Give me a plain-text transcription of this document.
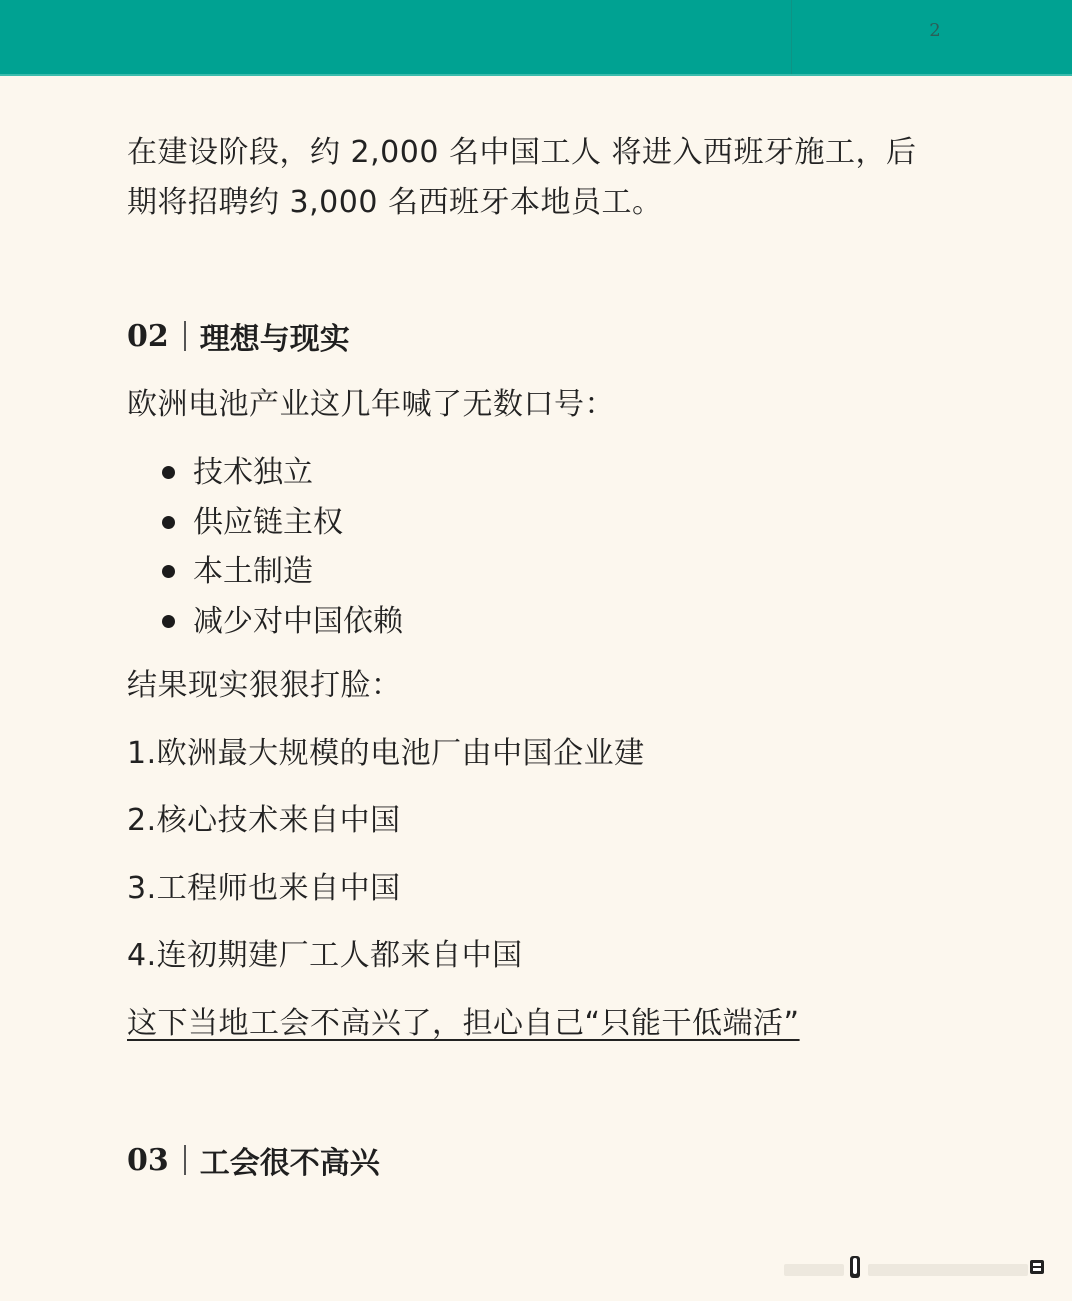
2
在建设阶段，约 2,000 名中国工人 将进入西班牙施工，后
期将招聘约 3,000 名西班牙本地员工。
02 理想与现实
欧洲电池产业这几年喊了无数口号：
技术独立
供应链主权
本土制造
减少对中国依赖
结果现实狠狠打脸：
1.欧洲最大规模的电池厂由中国企业建
2.核心技术来自中国
3.工程师也来自中国
4.连初期建厂工人都来自中国
这下当地工会不高兴了，担心自己“只能干低端活”
03 工会很不高兴
